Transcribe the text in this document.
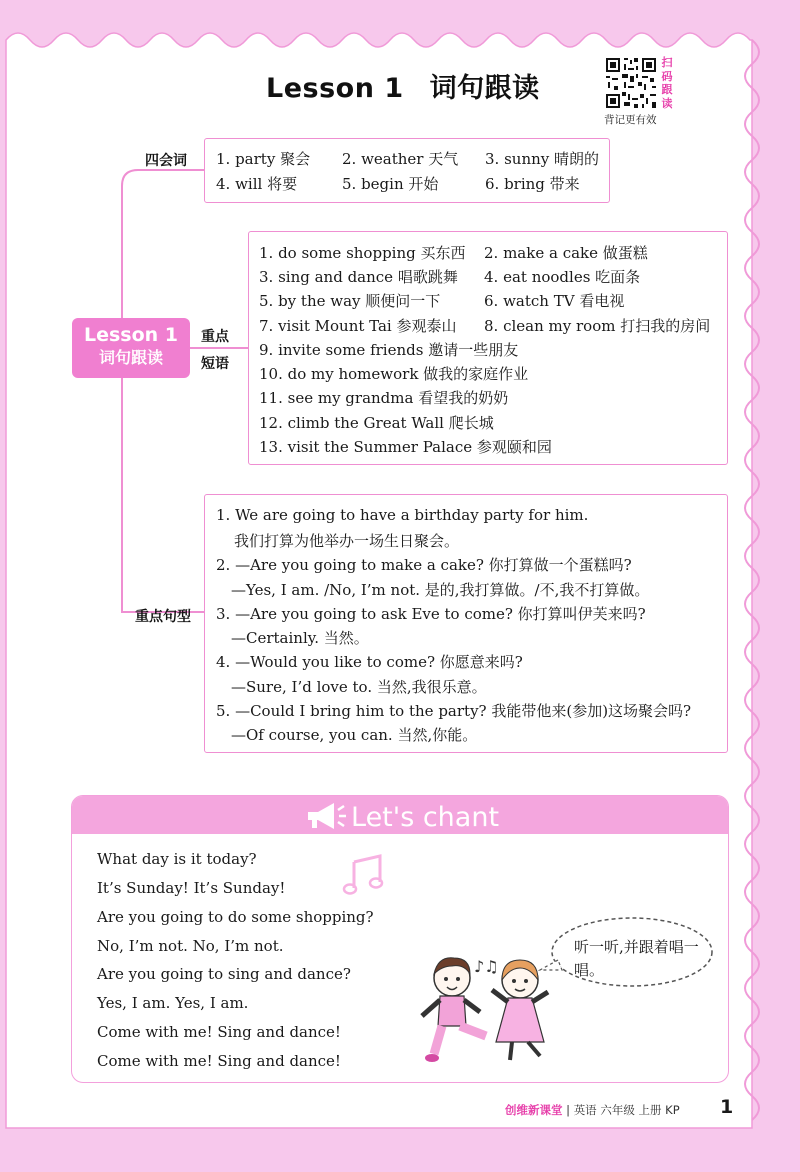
Lesson 1 词句跟读
扫
码
跟
读
背记更有效
Lesson 1
词句跟读
四会词 1. party 聚会 2. weather 天气 3. sunny 晴朗的
4. will 将要	5. begin 开始	6. bring 带来
重点
短语
1. do some shopping 买东西 2. make a cake 做蛋糕
3. sing and dance 唱歌跳舞 4. eat noodles 吃面条
5. by the way 顺便问一下	6. watch TV 看电视
7. visit Mount Tai 参观泰山 8. clean my room 打扫我的房间
9. invite some friends 邀请一些朋友
10. do my homework 做我的家庭作业
11. see my grandma 看望我的奶奶
12. climb the Great Wall 爬长城
13. visit the Summer Palace 参观颐和园
重点句型
1. We are going to have a birthday party for him.
我们打算为他举办一场生日聚会。
2. —Are you going to make a cake? 你打算做一个蛋糕吗?
—Yes, I am. /No, I’m not. 是的,我打算做。/不,我不打算做。
3. —Are you going to ask Eve to come? 你打算叫伊芙来吗?
—Certainly. 当然。
4. —Would you like to come? 你愿意来吗?
—Sure, I’d love to. 当然,我很乐意。
5. —Could I bring him to the party? 我能带他来(参加)这场聚会吗?
—Of course, you can. 当然,你能。
Let's chant
What day is it today?
It’s Sunday! It’s Sunday!
Are you going to do some shopping?
No, I’m not. No, I’m not.
Are you going to sing and dance?
Yes, I am. Yes, I am.
Come with me! Sing and dance!
Come with me! Sing and dance!
♪♫
听一听,并跟着唱一唱。
创维新课堂 | 英语 六年级 上册 KP 1
